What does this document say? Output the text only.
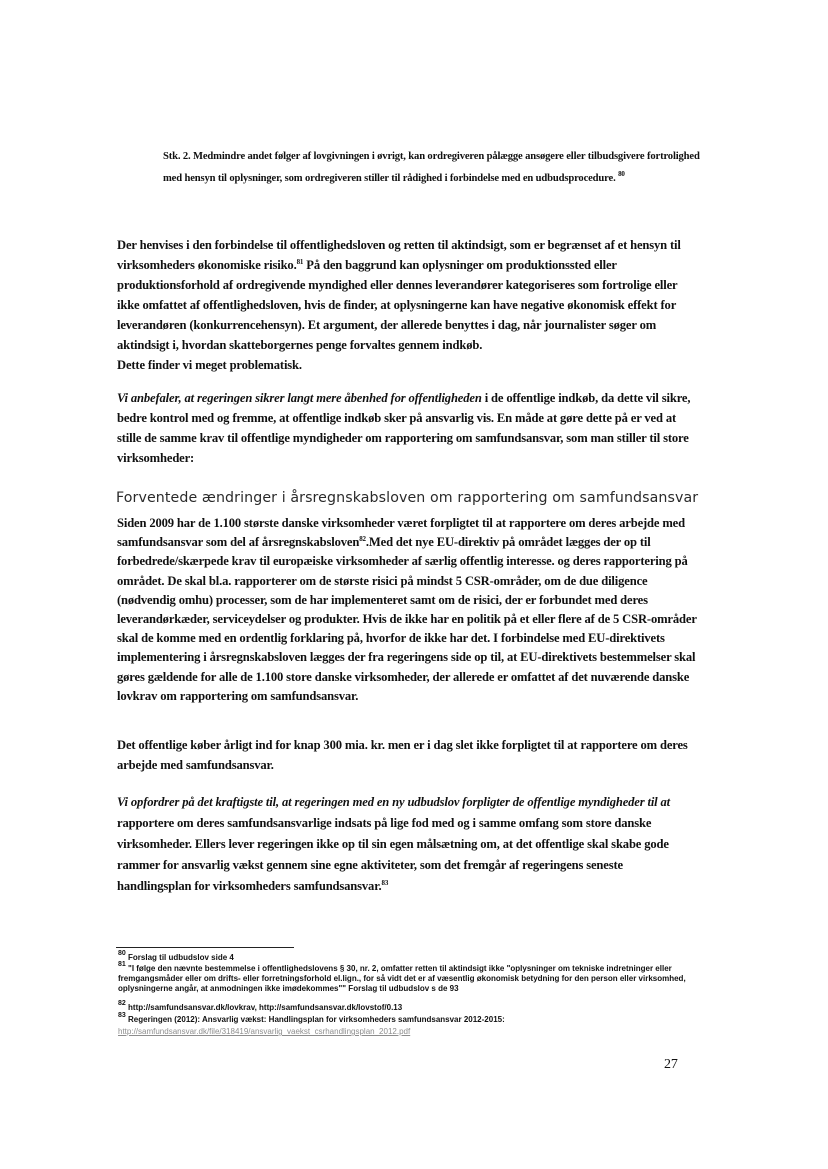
Stk. 2. Medmindre andet følger af lovgivningen i øvrigt, kan ordregiveren pålægge ansøgere eller tilbudsgivere fortrolighed med hensyn til oplysninger, som ordregiveren stiller til rådighed i forbindelse med en udbudsprocedure. $^{80}$

Der henvises i den forbindelse til offentlighedsloven og retten til aktindsigt, som er begrænset af et hensyn til virksomheders økonomiske risiko.$^{81}$ På den baggrund kan oplysninger om produktionssted eller produktionsforhold af ordregivende myndighed eller dennes leverandører kategoriseres som fortrolige eller ikke omfattet af offentlighedsloven, hvis de finder, at oplysningerne kan have negative økonomisk effekt for leverandøren (konkurrencehensyn). Et argument, der allerede benyttes i dag, når journalister søger om aktindsigt i, hvordan skatteborgernes penge forvaltes gennem indkøb.

Dette finder vi meget problematisk.

Vi anbefaler, at regeringen sikrer langt mere åbenhed for offentligheden i de offentlige indkøb, da dette vil sikre, bedre kontrol med og fremme, at offentlige indkøb sker på ansvarlig vis. En måde at gøre dette på er ved at stille de samme krav til offentlige myndigheder om rapportering om samfundsansvar, som man stiller til store virksomheder:
Forventede ændringer i årsregnskabsloven om rapportering om samfundsansvar
Siden 2009 har de 1.100 største danske virksomheder været forpligtet til at rapportere om deres arbejde med samfundsansvar som del af årsregnskabsloven$^{82}$.Med det nye EU-direktiv på området lægges der op til forbedrede/skærpede krav til europæiske virksomheder af særlig offentlig interesse. og deres rapportering på området. De skal bl.a. rapporterer om de største risici på mindst 5 CSR-områder, om de due diligence (nødvendig omhu) processer, som de har implementeret samt om de risici, der er forbundet med deres leverandørkæder, serviceydelser og produkter. Hvis de ikke har en politik på et eller flere af de 5 CSR-områder skal de komme med en ordentlig forklaring på, hvorfor de ikke har det. I forbindelse med EU-direktivets implementering i årsregnskabsloven lægges der fra regeringens side op til, at EU-direktivets bestemmelser skal gøres gældende for alle de 1.100 store danske virksomheder, der allerede er omfattet af det nuværende danske lovkrav om rapportering om samfundsansvar.
Det offentlige køber årligt ind for knap 300 mia. kr. men er i dag slet ikke forpligtet til at rapportere om deres arbejde med samfundsansvar.
Vi opfordrer på det kraftigste til, at regeringen med en ny udbudslov forpligter de offentlige myndigheder til at rapportere om deres samfundsansvarlige indsats på lige fod med og i samme omfang som store danske virksomheder. Ellers lever regeringen ikke op til sin egen målsætning om, at det offentlige skal skabe gode rammer for ansvarlig vækst gennem sine egne aktiviteter, som det fremgår af regeringens seneste handlingsplan for virksomheders samfundsansvar.$^{83}$
$^{80}$ Forslag til udbudslov side 4
$^{81}$ "I følge den nævnte bestemmelse i offentlighedslovens § 30, nr. 2, omfatter retten til aktindsigt ikke "oplysninger om tekniske indretninger eller fremgangsmåder eller om drifts- eller forretningsforhold el.lign., for så vidt det er af væsentlig økonomisk betydning for den person eller virksomhed, oplysningerne angår, at anmodningen ikke imødekommes"" Forslag til udbudslov s de 93
$^{82}$ http://samfundsansvar.dk/lovkrav, http://samfundsansvar.dk/lovstof/0.13
$^{83}$ Regeringen (2012): Ansvarlig vækst: Handlingsplan for virksomheders samfundsansvar 2012-2015:
http://samfundsansvar.dk/file/318419/ansvarlig_vaekst_csrhandlingsplan_2012.pdf
27
